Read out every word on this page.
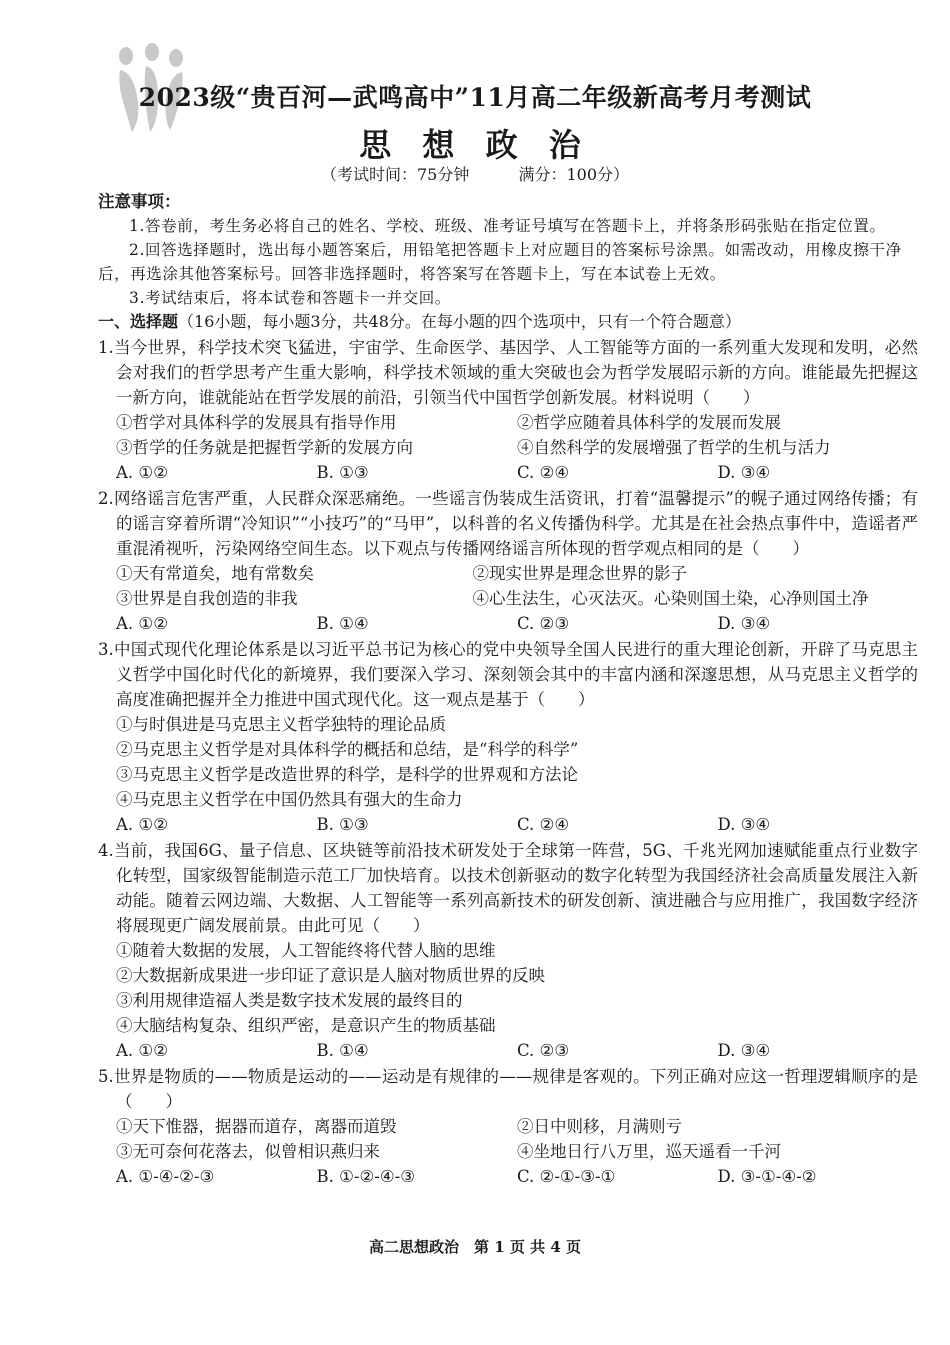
2023级“贵百河—武鸣高中”11月高二年级新高考月考测试
思 想 政 治
（考试时间：75分钟	满分：100分）
注意事项：
1.答卷前，考生务必将自己的姓名、学校、班级、准考证号填写在答题卡上，并将条形码张贴在指定位置。
2.回答选择题时，选出每小题答案后，用铅笔把答题卡上对应题目的答案标号涂黑。如需改动，用橡皮擦干净后，再选涂其他答案标号。回答非选择题时，将答案写在答题卡上，写在本试卷上无效。
3.考试结束后，将本试卷和答题卡一并交回。
一、选择题（16小题，每小题3分，共48分。在每小题的四个选项中，只有一个符合题意）
1.当今世界，科学技术突飞猛进，宇宙学、生命医学、基因学、人工智能等方面的一系列重大发现和发明，必然会对我们的哲学思考产生重大影响，科学技术领域的重大突破也会为哲学发展昭示新的方向。谁能最先把握这一新方向，谁就能站在哲学发展的前沿，引领当代中国哲学创新发展。材料说明（　　）
①哲学对具体科学的发展具有指导作用	②哲学应随着具体科学的发展而发展
③哲学的任务就是把握哲学新的发展方向	④自然科学的发展增强了哲学的生机与活力
A. ①②	B. ①③	C. ②④	D. ③④
2.网络谣言危害严重，人民群众深恶痛绝。一些谣言伪装成生活资讯，打着“温馨提示”的幌子通过网络传播；有的谣言穿着所谓“冷知识”“小技巧”的“马甲”，以科普的名义传播伪科学。尤其是在社会热点事件中，造谣者严重混淆视听，污染网络空间生态。以下观点与传播网络谣言所体现的哲学观点相同的是（　　）
①天有常道矣，地有常数矣	②现实世界是理念世界的影子
③世界是自我创造的非我	④心生法生，心灭法灭。心染则国土染，心净则国土净
A. ①②	B. ①④	C. ②③	D. ③④
3.中国式现代化理论体系是以习近平总书记为核心的党中央领导全国人民进行的重大理论创新，开辟了马克思主义哲学中国化时代化的新境界，我们要深入学习、深刻领会其中的丰富内涵和深邃思想，从马克思主义哲学的高度准确把握并全力推进中国式现代化。这一观点是基于（　　）
①与时俱进是马克思主义哲学独特的理论品质
②马克思主义哲学是对具体科学的概括和总结，是“科学的科学”
③马克思主义哲学是改造世界的科学，是科学的世界观和方法论
④马克思主义哲学在中国仍然具有强大的生命力
A. ①②	B. ①③	C. ②④	D. ③④
4.当前，我国6G、量子信息、区块链等前沿技术研发处于全球第一阵营，5G、千兆光网加速赋能重点行业数字化转型，国家级智能制造示范工厂加快培育。以技术创新驱动的数字化转型为我国经济社会高质量发展注入新动能。随着云网边端、大数据、人工智能等一系列高新技术的研发创新、演进融合与应用推广，我国数字经济将展现更广阔发展前景。由此可见（　　）
①随着大数据的发展，人工智能终将代替人脑的思维
②大数据新成果进一步印证了意识是人脑对物质世界的反映
③利用规律造福人类是数字技术发展的最终目的
④大脑结构复杂、组织严密，是意识产生的物质基础
A. ①②	B. ①④	C. ②③	D. ③④
5.世界是物质的——物质是运动的——运动是有规律的——规律是客观的。下列正确对应这一哲理逻辑顺序的是（　　）
①天下惟器，据器而道存，离器而道毁	②日中则移，月满则亏
③无可奈何花落去，似曾相识燕归来	④坐地日行八万里，巡天遥看一千河
A. ①-④-②-③	B. ①-②-④-③	C. ②-①-③-①	D. ③-①-④-②
高二思想政治　第 1 页 共 4 页
